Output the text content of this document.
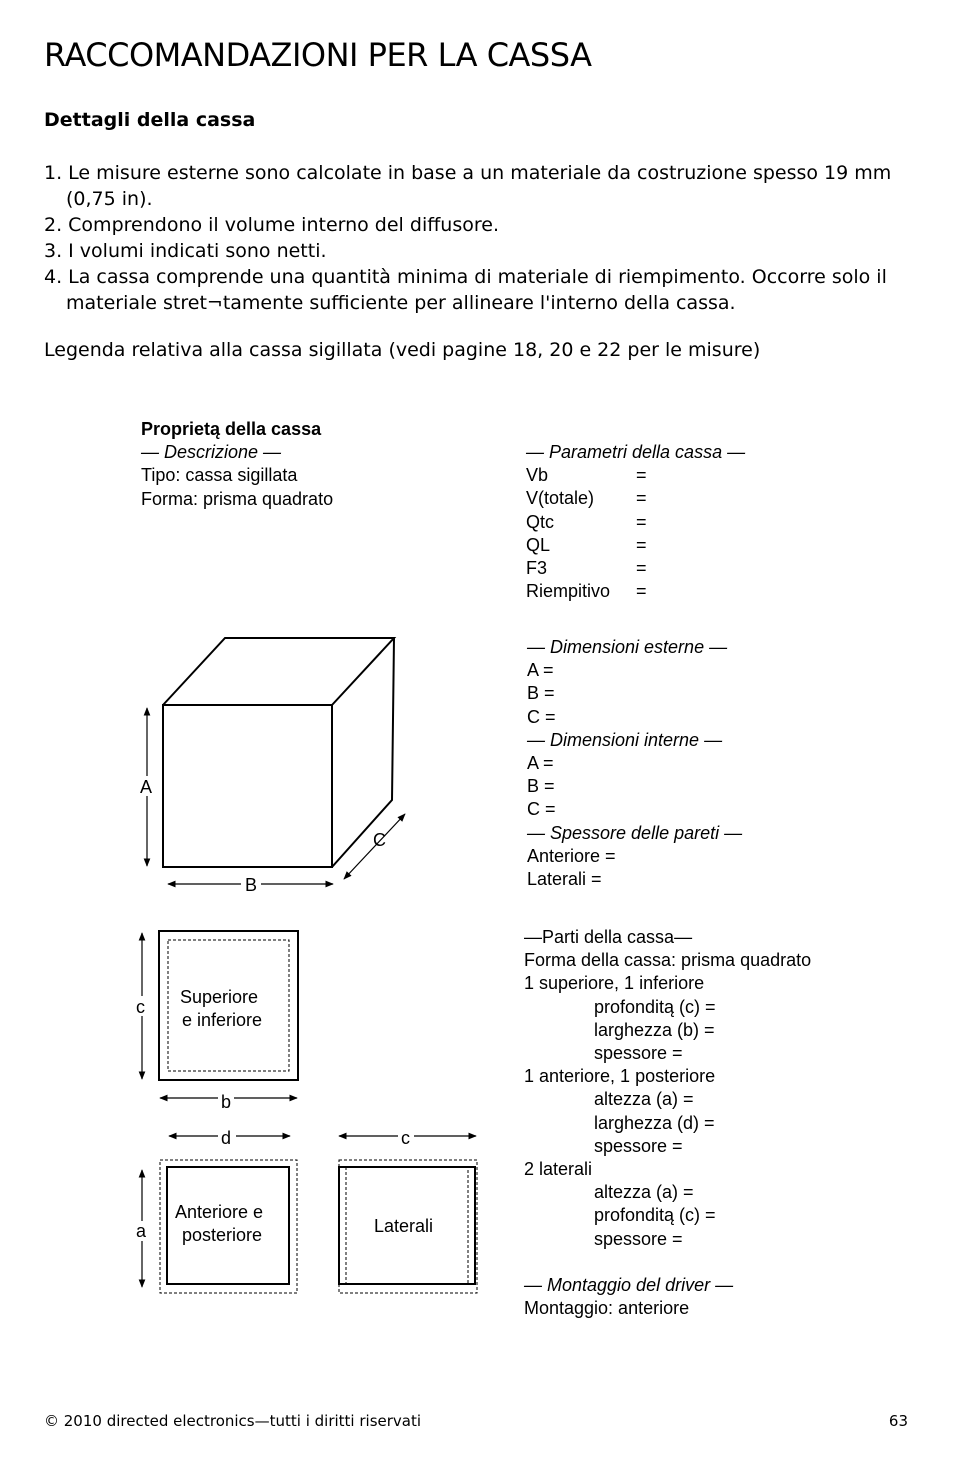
RACCOMANDAZIONI PER LA CASSA
Dettagli della cassa
1. Le misure esterne sono calcolate in base a un materiale da costruzione spesso 19 mm (0,75 in).
2. Comprendono il volume interno del diffusore.
3. I volumi indicati sono netti.
4. La cassa comprende una quantità minima di materiale di riempimento. Occorre solo il materiale stret¬tamente sufficiente per allineare l'interno della cassa.

Legenda relativa alla cassa sigillata (vedi pagine 18, 20 e 22 per le misure)

Proprietą della cassa
— Descrizione —
Tipo: cassa sigillata
Forma: prisma quadrato
— Parametri della cassa —
Vb	=
V(totale)	=
Qtc	=
QL	=
F3	=
Riempitivo	=
— Dimensioni esterne —
A =
B =
C =
— Dimensioni interne —
A =
B =
C =
— Spessore delle pareti —
Anteriore =
Laterali =
—Parti della cassa—
Forma della cassa: prisma quadrato
1 superiore, 1 inferiore
profonditą (c) =
larghezza (b) =
spessore =
1 anteriore, 1 posteriore
altezza (a) =
larghezza (d) =
spessore =
2 laterali
altezza (a) =
profonditą (c) =
spessore =
— Montaggio del driver —
Montaggio: anteriore
A
B
C
Superiore
e inferiore
c
b
d
Anteriore e
posteriore
a
c
Laterali
© 2010 directed electronics—tutti i diritti riservati	63
